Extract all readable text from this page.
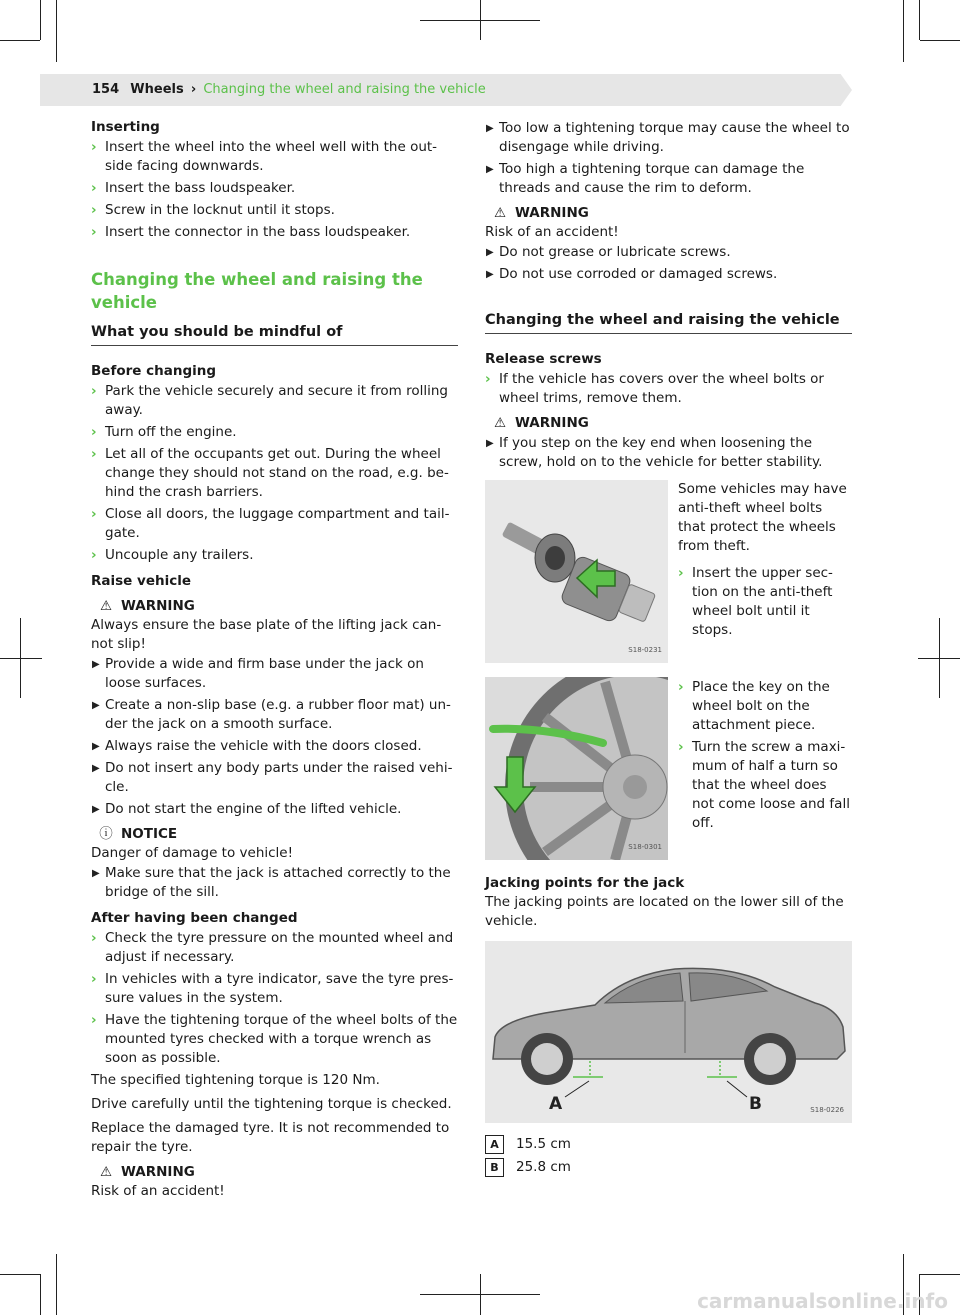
154 Wheels › Changing the wheel and raising the vehicle
Inserting
› Insert the wheel into the wheel well with the out-side facing downwards.
› Insert the bass loudspeaker.
› Screw in the locknut until it stops.
› Insert the connector in the bass loudspeaker.
Changing the wheel and raising the vehicle
What you should be mindful of
Before changing
› Park the vehicle securely and secure it from rolling away.
› Turn off the engine.
› Let all of the occupants get out. During the wheel change they should not stand on the road, e.g. be-hind the crash barriers.
› Close all doors, the luggage compartment and tail-gate.
› Uncouple any trailers.
Raise vehicle
⚠ WARNING
Always ensure the base plate of the lifting jack can-not slip!
▶ Provide a wide and firm base under the jack on loose surfaces.
▶ Create a non-slip base (e.g. a rubber floor mat) un-der the jack on a smooth surface.
▶ Always raise the vehicle with the doors closed.
▶ Do not insert any body parts under the raised vehi-cle.
▶ Do not start the engine of the lifted vehicle.
ⓘ NOTICE
Danger of damage to vehicle!
▶ Make sure that the jack is attached correctly to the bridge of the sill.
After having been changed
› Check the tyre pressure on the mounted wheel and adjust if necessary.
› In vehicles with a tyre indicator, save the tyre pres-sure values in the system.
› Have the tightening torque of the wheel bolts of the mounted tyres checked with a torque wrench as soon as possible.
The specified tightening torque is 120 Nm.
Drive carefully until the tightening torque is checked.
Replace the damaged tyre. It is not recommended to repair the tyre.
⚠ WARNING
Risk of an accident!
▶ Too low a tightening torque may cause the wheel to disengage while driving.
▶ Too high a tightening torque can damage the threads and cause the rim to deform.
⚠ WARNING
Risk of an accident!
▶ Do not grease or lubricate screws.
▶ Do not use corroded or damaged screws.
Changing the wheel and raising the vehicle
Release screws
› If the vehicle has covers over the wheel bolts or wheel trims, remove them.
⚠ WARNING
▶ If you step on the key end when loosening the screw, hold on to the vehicle for better stability.
S18-0231
Some vehicles may have anti-theft wheel bolts that protect the wheels from theft.
› Insert the upper sec-tion on the anti-theft wheel bolt until it stops.
S18-0301
› Place the key on the wheel bolt on the attachment piece.
› Turn the screw a maxi-mum of half a turn so that the wheel does not come loose and fall off.
Jacking points for the jack
The jacking points are located on the lower sill of the vehicle.
A	B	S18-0226
A	15.5 cm
B	25.8 cm
carmanualsonline.info
